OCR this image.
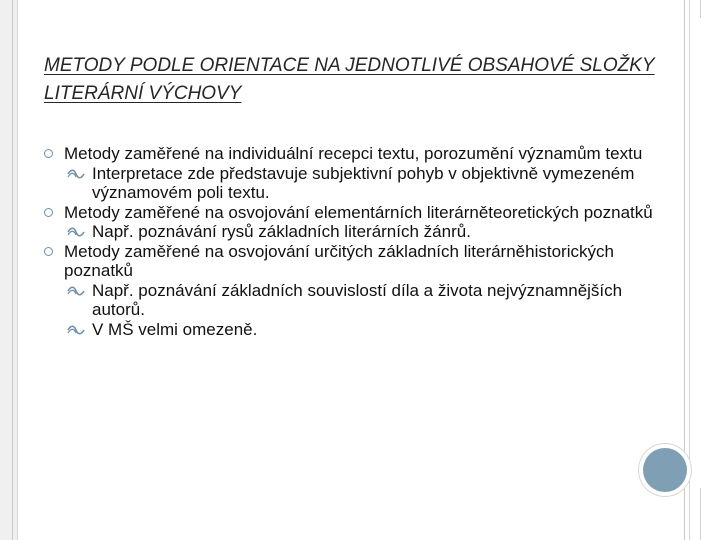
METODY PODLE ORIENTACE NA JEDNOTLIVÉ OBSAHOVÉ SLOŽKY LITERÁRNÍ VÝCHOVY
Metody zaměřené na individuální recepci textu, porozumění významům textu
Interpretace zde představuje subjektivní pohyb v objektivně vymezeném významovém poli textu.
Metody zaměřené na osvojování elementárních literárněteoretických poznatků
Např. poznávání rysů základních literárních žánrů.
Metody zaměřené na osvojování určitých základních literárněhistorických poznatků
Např. poznávání základních souvislostí díla a života nejvýznamnějších autorů.
V MŠ velmi omezeně.
